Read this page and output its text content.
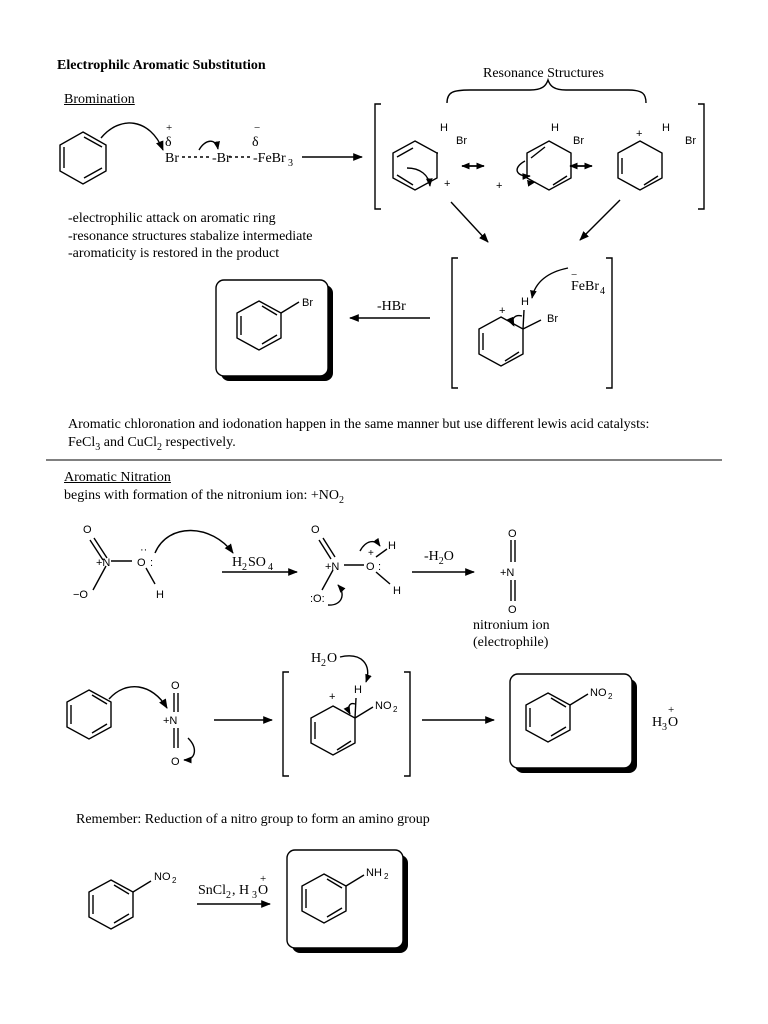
Electrophilc Aromatic Substitution
Bromination
Resonance Structures
-electrophilic attack on aromatic ring
-resonance structures stabalize intermediate
-aromaticity is restored in the product
-HBr
Aromatic chloronation and iodonation happen in the same manner but use different lewis acid catalysts:
FeCl$_3$ and CuCl$_2$ respectively.
Aromatic Nitration
begins with formation of the nitronium ion: $+NO_2$
$-H_2O$
nitronium ion
(electrophile)
Remember: Reduction of a nitro group to form an amino group
+
δ
−
δ
Br -Br -FeBr 3
H
Br
+
H
Br
+
+ H
Br
−
FeBr 4
H
Br
+
Br
O
+N
−O
O
··
:
H
H 2 SO 4
O
+N
:O:
O
+
:
H
H
O
+N
O
O
+N
O
H 2 O
+
H
NO 2
NO 2
+
H 3 O
NO 2
SnCl 2 , H 3 O
+	NH 2
